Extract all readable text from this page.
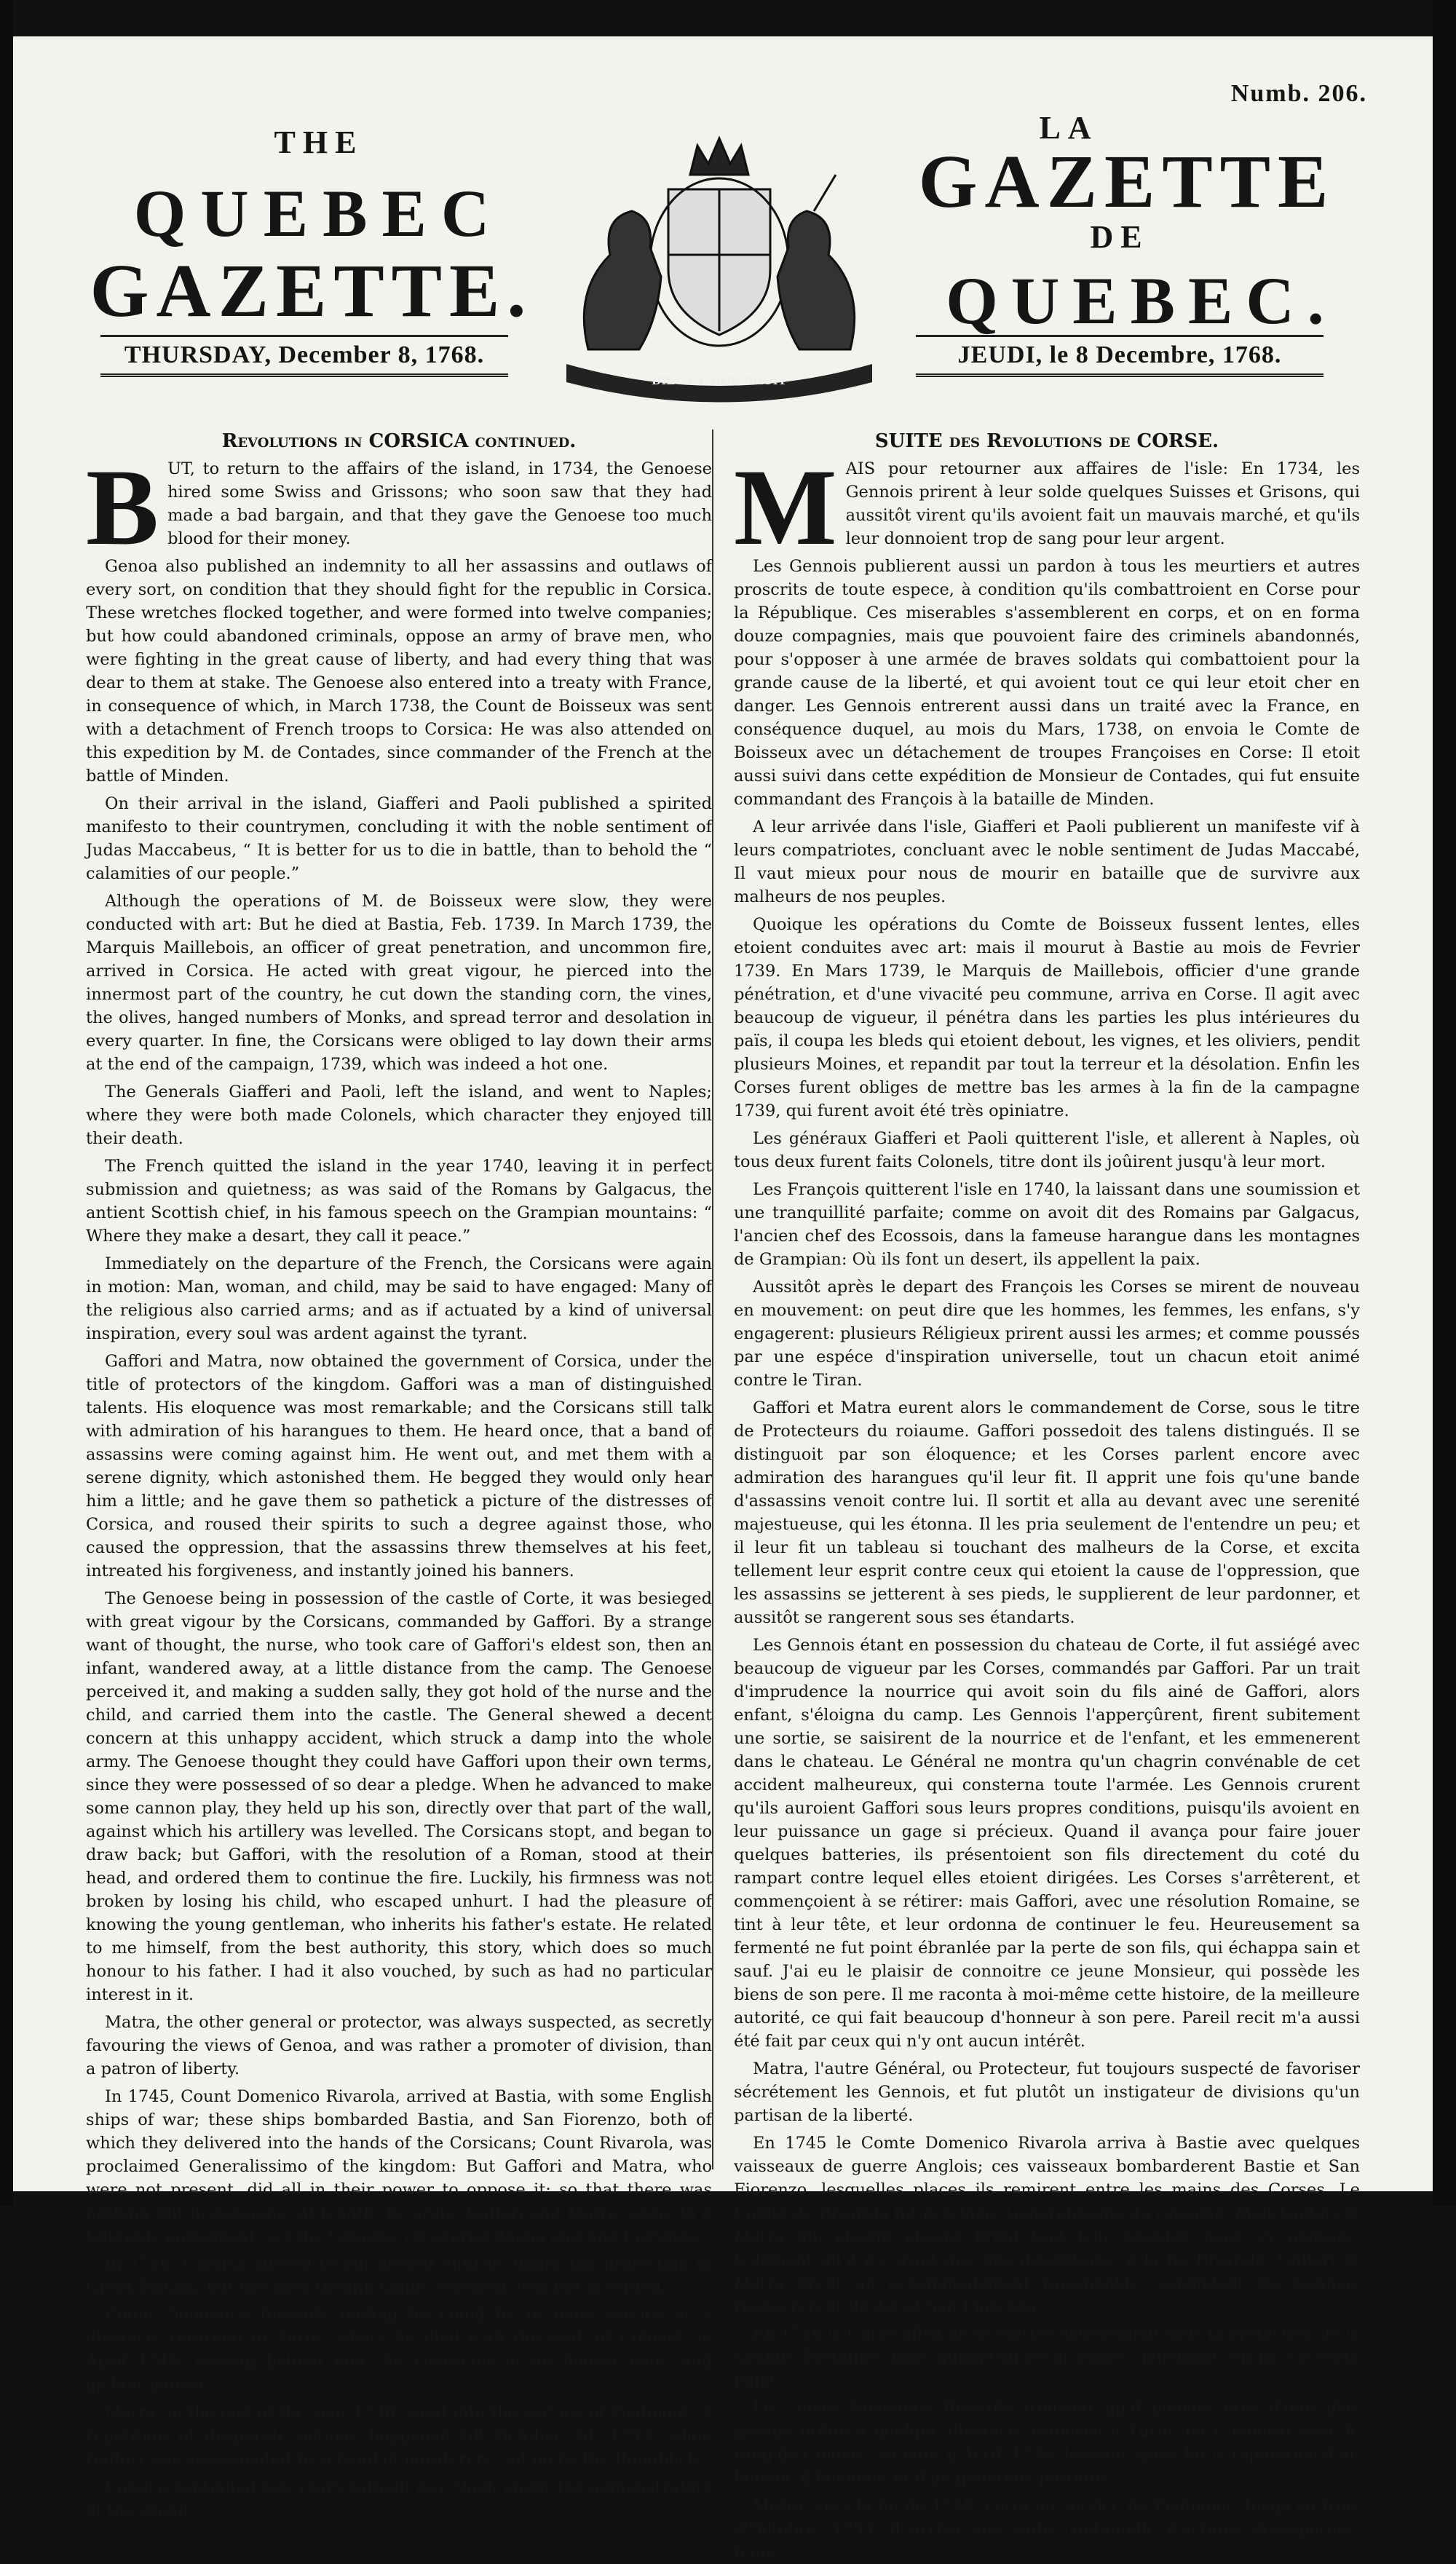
Numb. 206.
THE
QUEBEC
GAZETTE.
LA
GAZETTE
DE
QUEBEC.
DIEU ET MON DROIT
THURSDAY, December 8, 1768.	JEUDI, le 8 Decembre, 1768.
Revolutions in CORSICA continued.
B UT, to return to the affairs of the island, in 1734, the Genoese hired some Swiss and Grissons; who soon saw that they had made a bad bargain, and that they gave the Genoese too much blood for their money.

Genoa also published an indemnity to all her assassins and outlaws of every sort, on condition that they should fight for the republic in Corsica. These wretches flocked together, and were formed into twelve companies; but how could abandoned criminals, oppose an army of brave men, who were fighting in the great cause of liberty, and had every thing that was dear to them at stake. The Genoese also entered into a treaty with France, in consequence of which, in March 1738, the Count de Boisseux was sent with a detachment of French troops to Corsica: He was also attended on this expedition by M. de Contades, since commander of the French at the battle of Minden.

On their arrival in the island, Giafferi and Paoli published a spirited manifesto to their countrymen, concluding it with the noble sentiment of Judas Maccabeus, “ It is better for us to die in battle, than to behold the “ calamities of our people.”

Although the operations of M. de Boisseux were slow, they were conducted with art: But he died at Bastia, Feb. 1739. In March 1739, the Marquis Maillebois, an officer of great penetration, and uncommon fire, arrived in Corsica. He acted with great vigour, he pierced into the innermost part of the country, he cut down the standing corn, the vines, the olives, hanged numbers of Monks, and spread terror and desolation in every quarter. In fine, the Corsicans were obliged to lay down their arms at the end of the campaign, 1739, which was indeed a hot one.

The Generals Giafferi and Paoli, left the island, and went to Naples; where they were both made Colonels, which character they enjoyed till their death.

The French quitted the island in the year 1740, leaving it in perfect submission and quietness; as was said of the Romans by Galgacus, the antient Scottish chief, in his famous speech on the Grampian mountains: “ Where they make a desart, they call it peace.”

Immediately on the departure of the French, the Corsicans were again in motion: Man, woman, and child, may be said to have engaged: Many of the religious also carried arms; and as if actuated by a kind of universal inspiration, every soul was ardent against the tyrant.

Gaffori and Matra, now obtained the government of Corsica, under the title of protectors of the kingdom. Gaffori was a man of distinguished talents. His eloquence was most remarkable; and the Corsicans still talk with admiration of his harangues to them. He heard once, that a band of assassins were coming against him. He went out, and met them with a serene dignity, which astonished them. He begged they would only hear him a little; and he gave them so pathetick a picture of the distresses of Corsica, and roused their spirits to such a degree against those, who caused the oppression, that the assassins threw themselves at his feet, intreated his forgiveness, and instantly joined his banners.

The Genoese being in possession of the castle of Corte, it was besieged with great vigour by the Corsicans, commanded by Gaffori. By a strange want of thought, the nurse, who took care of Gaffori's eldest son, then an infant, wandered away, at a little distance from the camp. The Genoese perceived it, and making a sudden sally, they got hold of the nurse and the child, and carried them into the castle. The General shewed a decent concern at this unhappy accident, which struck a damp into the whole army. The Genoese thought they could have Gaffori upon their own terms, since they were possessed of so dear a pledge. When he advanced to make some cannon play, they held up his son, directly over that part of the wall, against which his artillery was levelled. The Corsicans stopt, and began to draw back; but Gaffori, with the resolution of a Roman, stood at their head, and ordered them to continue the fire. Luckily, his firmness was not broken by losing his child, who escaped unhurt. I had the pleasure of knowing the young gentleman, who inherits his father's estate. He related to me himself, from the best authority, this story, which does so much honour to his father. I had it also vouched, by such as had no particular interest in it.

Matra, the other general or protector, was always suspected, as secretly favouring the views of Genoa, and was rather a promoter of division, than a patron of liberty.

In 1745, Count Domenico Rivarola, arrived at Bastia, with some English ships of war; these ships bombarded Bastia, and San Fiorenzo, both of which they delivered into the hands of the Corsicans; Count Rivarola, was proclaimed Generalissimo of the kingdom: But Gaffori and Matra, who were not present, did all in their power to oppose it; so that there was nothing but dissensions: At length, Rivarola, Gaffori and Matra, came to a tolerable agreement, yet the Genoese recovered Bastia and San Fiorenzo.

In 1746, Corsica offered to put herself entirely under the protection of Great-Britain; but the offer though kindly received, was not accepted.

Count Domenico Rivarola finding he could be of most service at a distance, returned to Turin, where he died with the rank of Colonel, in April 1748, leaving behind him the character of an honest man, and gallant patriot.

Matra, in the end of the year 1748, went into the service of Piedmont. A repetition of desperate actions happened till October 3d, 1753, when Gaffori was assassinated by a band of murderers, set on by the Republick.

Corsica continued two years without any chief, under the administrators of the island.

SUITE des Revolutions de CORSE.
M AIS pour retourner aux affaires de l'isle: En 1734, les Gennois prirent à leur solde quelques Suisses et Grisons, qui aussitôt virent qu'ils avoient fait un mauvais marché, et qu'ils leur donnoient trop de sang pour leur argent.

Les Gennois publierent aussi un pardon à tous les meurtiers et autres proscrits de toute espece, à condition qu'ils combattroient en Corse pour la République. Ces miserables s'assemblerent en corps, et on en forma douze compagnies, mais que pouvoient faire des criminels abandonnés, pour s'opposer à une armée de braves soldats qui combattoient pour la grande cause de la liberté, et qui avoient tout ce qui leur etoit cher en danger. Les Gennois entrerent aussi dans un traité avec la France, en conséquence duquel, au mois du Mars, 1738, on envoia le Comte de Boisseux avec un détachement de troupes Françoises en Corse: Il etoit aussi suivi dans cette expédition de Monsieur de Contades, qui fut ensuite commandant des François à la bataille de Minden.

A leur arrivée dans l'isle, Giafferi et Paoli publierent un manifeste vif à leurs compatriotes, concluant avec le noble sentiment de Judas Maccabé, Il vaut mieux pour nous de mourir en bataille que de survivre aux malheurs de nos peuples.

Quoique les opérations du Comte de Boisseux fussent lentes, elles etoient conduites avec art: mais il mourut à Bastie au mois de Fevrier 1739. En Mars 1739, le Marquis de Maillebois, officier d'une grande pénétration, et d'une vivacité peu commune, arriva en Corse. Il agit avec beaucoup de vigueur, il pénétra dans les parties les plus intérieures du païs, il coupa les bleds qui etoient debout, les vignes, et les oliviers, pendit plusieurs Moines, et repandit par tout la terreur et la désolation. Enfin les Corses furent obliges de mettre bas les armes à la fin de la campagne 1739, qui furent avoit été très opiniatre.

Les généraux Giafferi et Paoli quitterent l'isle, et allerent à Naples, où tous deux furent faits Colonels, titre dont ils joûirent jusqu'à leur mort.

Les François quitterent l'isle en 1740, la laissant dans une soumission et une tranquillité parfaite; comme on avoit dit des Romains par Galgacus, l'ancien chef des Ecossois, dans la fameuse harangue dans les montagnes de Grampian: Où ils font un desert, ils appellent la paix.

Aussitôt après le depart des François les Corses se mirent de nouveau en mouvement: on peut dire que les hommes, les femmes, les enfans, s'y engagerent: plusieurs Réligieux prirent aussi les armes; et comme poussés par une espéce d'inspiration universelle, tout un chacun etoit animé contre le Tiran.

Gaffori et Matra eurent alors le commandement de Corse, sous le titre de Protecteurs du roiaume. Gaffori possedoit des talens distingués. Il se distinguoit par son éloquence; et les Corses parlent encore avec admiration des harangues qu'il leur fit. Il apprit une fois qu'une bande d'assassins venoit contre lui. Il sortit et alla au devant avec une serenité majestueuse, qui les étonna. Il les pria seulement de l'entendre un peu; et il leur fit un tableau si touchant des malheurs de la Corse, et excita tellement leur esprit contre ceux qui etoient la cause de l'oppression, que les assassins se jetterent à ses pieds, le supplierent de leur pardonner, et aussitôt se rangerent sous ses étandarts.

Les Gennois étant en possession du chateau de Corte, il fut assiégé avec beaucoup de vigueur par les Corses, commandés par Gaffori. Par un trait d'imprudence la nourrice qui avoit soin du fils ainé de Gaffori, alors enfant, s'éloigna du camp. Les Gennois l'apperçûrent, firent subitement une sortie, se saisirent de la nourrice et de l'enfant, et les emmenerent dans le chateau. Le Général ne montra qu'un chagrin convénable de cet accident malheureux, qui consterna toute l'armée. Les Gennois crurent qu'ils auroient Gaffori sous leurs propres conditions, puisqu'ils avoient en leur puissance un gage si précieux. Quand il avança pour faire jouer quelques batteries, ils présentoient son fils directement du coté du rampart contre lequel elles etoient dirigées. Les Corses s'arrêterent, et commençoient à se rétirer: mais Gaffori, avec une résolution Romaine, se tint à leur tête, et leur ordonna de continuer le feu. Heureusement sa fermenté ne fut point ébranlée par la perte de son fils, qui échappa sain et sauf. J'ai eu le plaisir de connoitre ce jeune Monsieur, qui possède les biens de son pere. Il me raconta à moi-même cette histoire, de la meilleure autorité, ce qui fait beaucoup d'honneur à son pere. Pareil recit m'a aussi été fait par ceux qui n'y ont aucun intérêt.

Matra, l'autre Général, ou Protecteur, fut toujours suspecté de favoriser sécrétement les Gennois, et fut plutôt un instigateur de divisions qu'un partisan de la liberté.

En 1745 le Comte Domenico Rivarola arriva à Bastie avec quelques vaisseaux de guerre Anglois; ces vaisseaux bombarderent Bastie et San Fiorenzo, lesquelles places ils remirent entre les mains des Corses. Le Comte de Rivarola fut proclamé Généralissime du roiaume. Mais Gaffori et Matra qui etoient absens firent tout leur possible pour s'y opposer; tellement qu'il n'y avoit que des dissentions: à la fin Rivarola, Gaffori et Matra firent un accommodement raisonnable, cependant les Gennois recouvrerent Bastie et San Fiorenzo.

En 1746 la Corse offrit de se mettre entièrement sous la protection de la Grande Brétagne, mais quoiqu'on reçût l'offre civilement, on ne l'accepta point.

Le Comte Domenico Rivarola trouvant qu'il pouvoit être d'une plus grande utilité à quelque distance, retourna à Turin, où il mourut avec le rang de Colonel, au mois d'Avril, 1748, laissant après lui la réputation d'un homme d'honneur, et d'un généreux patriote.

Matra, vers la fin de 1748, entra au service de Piedmont. Jusqu'au trois d'Octobre, 1753, il arriva une suite continuelle d'actions desespérées, tems
